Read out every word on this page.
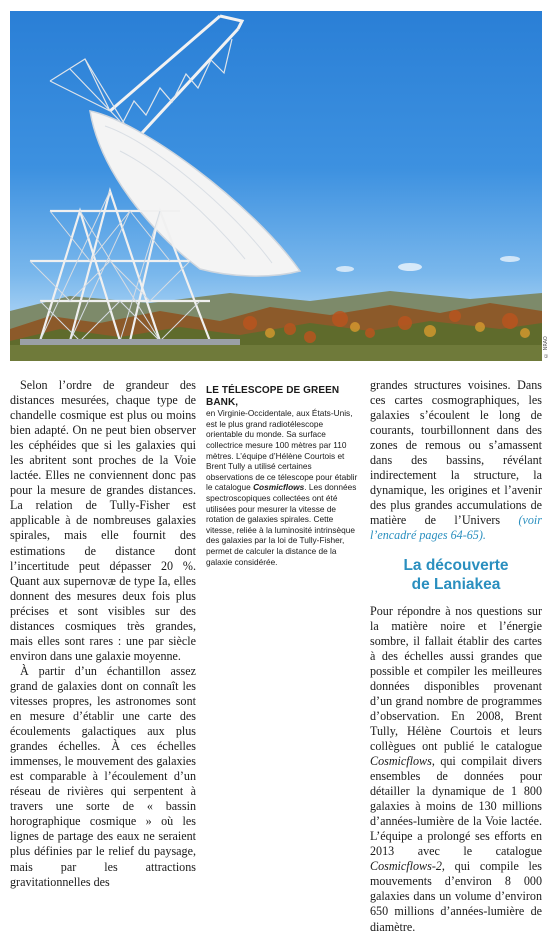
© NRAO

Selon l’ordre de grandeur des distances mesurées, chaque type de chandelle cosmique est plus ou moins bien adapté. On ne peut bien observer les céphéides que si les galaxies qui les abritent sont proches de la Voie lactée. Elles ne conviennent donc pas pour la mesure de grandes distances. La relation de Tully-Fisher est applicable à de nombreuses galaxies spirales, mais elle fournit des estimations de distance dont l’incertitude peut dépasser 20 %. Quant aux supernovæ de type Ia, elles donnent des mesures deux fois plus précises et sont visibles sur des distances cosmiques très grandes, mais elles sont rares : une par siècle environ dans une galaxie moyenne.

À partir d’un échantillon assez grand de galaxies dont on connaît les vitesses propres, les astronomes sont en mesure d’établir une carte des écoulements galactiques aux plus grandes échelles. À ces échelles immenses, le mouvement des galaxies est comparable à l’écoulement d’un réseau de rivières qui serpentent à travers une sorte de « bassin horographique cosmique » où les lignes de partage des eaux ne seraient plus définies par le relief du paysage, mais par les attractions gravitationnelles des

LE TÉLESCOPE DE GREEN BANK,
en Virginie-Occidentale, aux États-Unis, est le plus grand radiotélescope orientable du monde. Sa surface collectrice mesure 100 mètres par 110 mètres. L’équipe d’Hélène Courtois et Brent Tully a utilisé certaines observations de ce télescope pour établir le catalogue Cosmicflows. Les données spectroscopiques collectées ont été utilisées pour mesurer la vitesse de rotation de galaxies spirales. Cette vitesse, reliée à la luminosité intrinsèque des galaxies par la loi de Tully-Fisher, permet de calculer la distance de la galaxie considérée.

grandes structures voisines. Dans ces cartes cosmographiques, les galaxies s’écoulent le long de courants, tourbillonnent dans des zones de remous ou s’amassent dans des bassins, révélant indirectement la structure, la dynamique, les origines et l’avenir des plus grandes accumulations de matière de l’Univers (voir l’encadré pages 64-65).

La découverte
de Laniakea

Pour répondre à nos questions sur la matière noire et l’énergie sombre, il fallait établir des cartes à des échelles aussi grandes que possible et compiler les meilleures données disponibles provenant d’un grand nombre de programmes d’observation. En 2008, Brent Tully, Hélène Courtois et leurs collègues ont publié le catalogue Cosmicflows, qui compilait divers ensembles de données pour détailler la dynamique de 1 800 galaxies à moins de 130 millions d’années-lumière de la Voie lactée. L’équipe a prolongé ses efforts en 2013 avec le catalogue Cosmicflows-2, qui compile les mouvements d’environ 8 000 galaxies dans un volume d’environ 650 millions d’années-lumière de diamètre.
